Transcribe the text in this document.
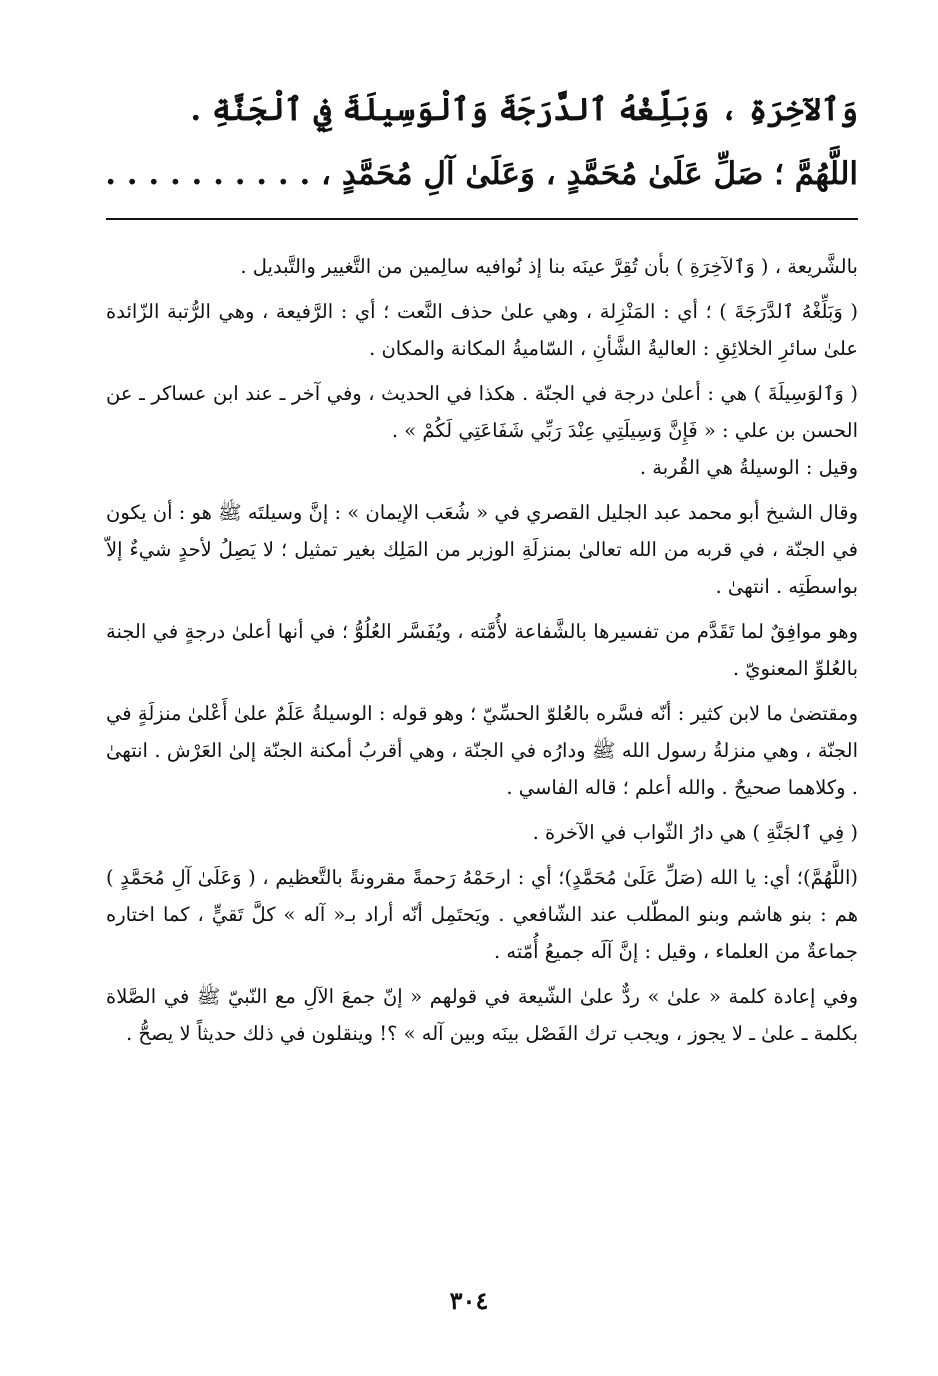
وَٱلآخِرَةِ ، وَبَلِّغْهُ ٱلدَّرَجَةَ وَٱلْوَسِيلَةَ فِي ٱلْجَنَّةِ .

اللَّهُمَّ ؛ صَلِّ عَلَىٰ مُحَمَّدٍ ، وَعَلَىٰ آلِ مُحَمَّدٍ ، . . . . . . . . . .

بالشَّريعة ، ( وَٱلآخِرَةِ ) بأن تُقِرَّ عينَه بنا إذ نُوافيه سالِمين من التَّغيير والتَّبديل .

( وَبَلِّغْهُ ٱلدَّرَجَةَ ) ؛ أي : المَنْزِلة ، وهي علىٰ حذف النَّعت ؛ أي : الرَّفيعة ، وهي الرُّتبة الزّائدة علىٰ سائرِ الخلائِقِ : العاليةُ الشَّأنِ ، السّاميةُ المكانة والمكان .

( وَٱلوَسِيلَةَ ) هي : أعلىٰ درجة في الجنّة . هكذا في الحديث ، وفي آخر ـ عند ابن عساكر ـ عن الحسن بن علي : « فَإِنَّ وَسِيلَتِي عِنْدَ رَبِّي شَفَاعَتِي لَكُمْ » .

وقيل : الوسيلةُ هي القُربة .

وقال الشيخ أبو محمد عبد الجليل القصري في « شُعَب الإيمان » : إنَّ وسيلتَه ﷺ هو : أن يكون في الجنّة ، في قربه من الله تعالىٰ بمنزلَةِ الوزير من المَلِك بغير تمثيل ؛ لا يَصِلُ لأحدٍ شيءٌ إلاّ بواسطَتِه . انتهىٰ .

وهو موافِقٌ لما تَقَدَّم من تفسيرها بالشَّفاعة لأُمَّته ، ويُفَسَّر العُلُوُّ ؛ في أنها أعلىٰ درجةٍ في الجنة بالعُلوِّ المعنويّ .

ومقتضىٰ ما لابن كثير : أنّه فسَّره بالعُلوّ الحسِّيّ ؛ وهو قوله : الوسيلةُ عَلَمٌ علىٰ أَعْلىٰ منزلَةٍ في الجنّة ، وهي منزلةُ رسول الله ﷺ ودارُه في الجنّة ، وهي أقربُ أمكنة الجنّة إلىٰ العَرْش . انتهىٰ . وكلاهما صحيحٌ . والله أعلم ؛ قاله الفاسي .

( فِي ٱلجَنَّةِ ) هي دارُ الثّواب في الآخرة .

(اللَّهُمَّ)؛ أي: يا الله (صَلِّ عَلَىٰ مُحَمَّدٍ)؛ أي : ارحَمْهُ رَحمةً مقرونةً بالتَّعظيم ، ( وَعَلَىٰ آلِ مُحَمَّدٍ ) هم : بنو هاشم وبنو المطّلب عند الشّافعي . ويَحتَمِل أنّه أراد بـ« آله » كلَّ تَقيٍّ ، كما اختاره جماعةٌ من العلماء ، وقيل : إنَّ آلَه جميعُ أُمّته .

وفي إعادة كلمة « علىٰ » ردٌّ علىٰ الشّيعة في قولهم « إنّ جمعَ الآلِ مع النّبيّ ﷺ في الصَّلاة بكلمة ـ علىٰ ـ لا يجوز ، ويجب ترك الفَصْل بينَه وبين آله » ؟! وينقلون في ذلك حديثاً لا يصحُّ .

٣٠٤
